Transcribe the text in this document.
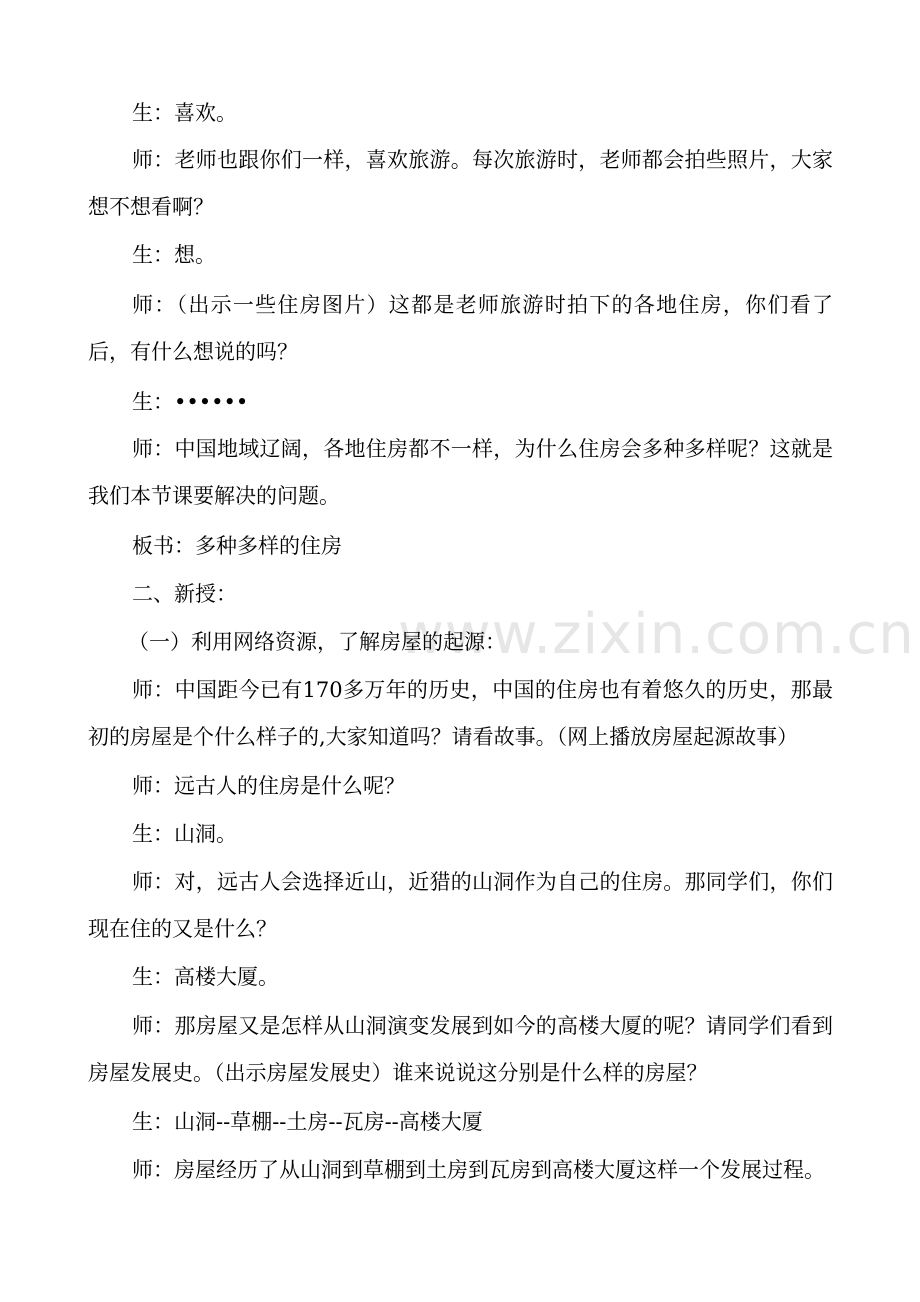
www.zixin.com.cn

生：喜欢。

师：老师也跟你们一样，喜欢旅游。每次旅游时，老师都会拍些照片，大家想不想看啊？

生：想。

师：（出示一些住房图片）这都是老师旅游时拍下的各地住房，你们看了后，有什么想说的吗？

生：••••••

师：中国地域辽阔，各地住房都不一样，为什么住房会多种多样呢？这就是我们本节课要解决的问题。

板书：多种多样的住房

二、新授：

（一）利用网络资源，了解房屋的起源：

师：中国距今已有170多万年的历史，中国的住房也有着悠久的历史，那最初的房屋是个什么样子的,大家知道吗？请看故事。（网上播放房屋起源故事）

师：远古人的住房是什么呢？

生：山洞。

师：对，远古人会选择近山，近猎的山洞作为自己的住房。那同学们，你们现在住的又是什么？

生：高楼大厦。

师：那房屋又是怎样从山洞演变发展到如今的高楼大厦的呢？请同学们看到房屋发展史。（出示房屋发展史）谁来说说这分别是什么样的房屋？

生：山洞--草棚--土房--瓦房--高楼大厦

师：房屋经历了从山洞到草棚到土房到瓦房到高楼大厦这样一个发展过程。
